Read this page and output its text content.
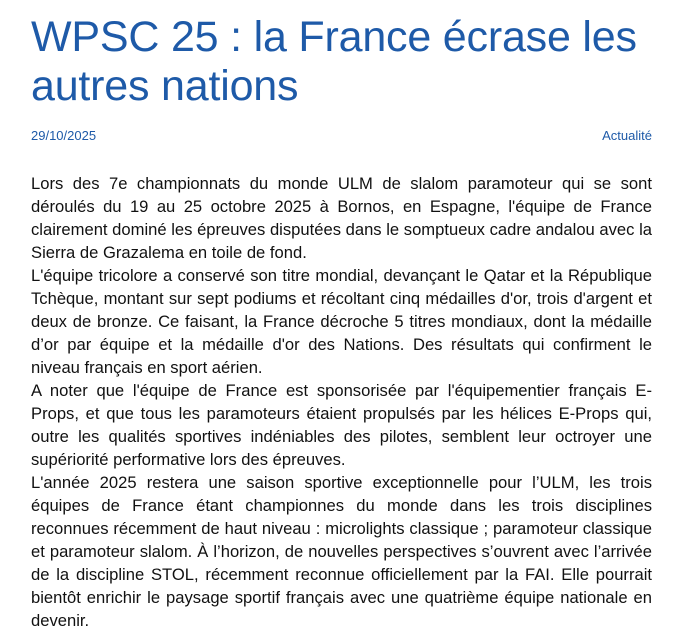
WPSC 25 : la France écrase les autres nations
29/10/2025	Actualité

Lors des 7e championnats du monde ULM de slalom paramoteur qui se sont déroulés du 19 au 25 octobre 2025 à Bornos, en Espagne, l'équipe de France clairement dominé les épreuves disputées dans le somptueux cadre andalou avec la Sierra de Grazalema en toile de fond.

L'équipe tricolore a conservé son titre mondial, devançant le Qatar et la République Tchèque, montant sur sept podiums et récoltant cinq médailles d'or, trois d'argent et deux de bronze. Ce faisant, la France décroche 5 titres mondiaux, dont la médaille d’or par équipe et la médaille d'or des Nations. Des résultats qui confirment le niveau français en sport aérien.

A noter que l'équipe de France est sponsorisée par l'équipementier français E-Props, et que tous les paramoteurs étaient propulsés par les hélices E-Props qui, outre les qualités sportives indéniables des pilotes, semblent leur octroyer une supériorité performative lors des épreuves.

L'année 2025 restera une saison sportive exceptionnelle pour l’ULM, les trois équipes de France étant championnes du monde dans les trois disciplines reconnues récemment de haut niveau : microlights classique ; paramoteur classique et paramoteur slalom. À l’horizon, de nouvelles perspectives s’ouvrent avec l’arrivée de la discipline STOL, récemment reconnue officiellement par la FAI. Elle pourrait bientôt enrichir le paysage sportif français avec une quatrième équipe nationale en devenir.
